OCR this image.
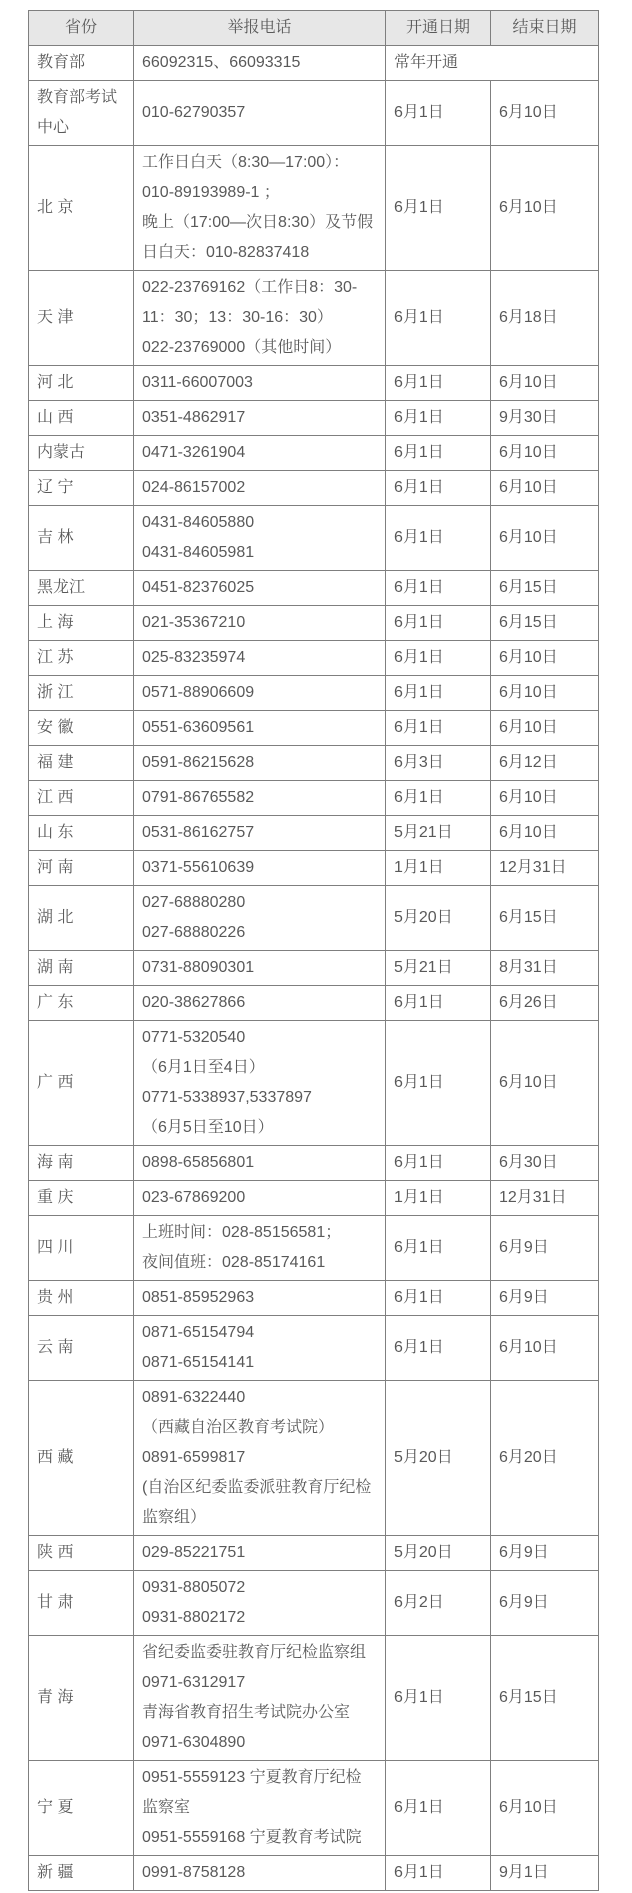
省份	举报电话	开通日期	结束日期
教育部	66092315、66093315	常年开通	
教育部考试中心	010-62790357	6月1日	6月10日
北 京	工作日白天（8:30—17:00）：
010-89193989-1 ；
晚上（17:00—次日8:30）及节假
日白天：010-82837418	6月1日	6月10日
天 津	022-23769162（工作日8：30-
11：30；13：30-16：30）
022-23769000（其他时间）	6月1日	6月18日
河 北	0311-66007003	6月1日	6月10日
山 西	0351-4862917	6月1日	9月30日
内蒙古	0471-3261904	6月1日	6月10日
辽 宁	024-86157002	6月1日	6月10日
吉 林	0431-84605880
0431-84605981	6月1日	6月10日
黑龙江	0451-82376025	6月1日	6月15日
上 海	021-35367210	6月1日	6月15日
江 苏	025-83235974	6月1日	6月10日
浙 江	0571-88906609	6月1日	6月10日
安 徽	0551-63609561	6月1日	6月10日
福 建	0591-86215628	6月3日	6月12日
江 西	0791-86765582	6月1日	6月10日
山 东	0531-86162757	5月21日	6月10日
河 南	0371-55610639	1月1日	12月31日
湖 北	027-68880280
027-68880226	5月20日	6月15日
湖 南	0731-88090301	5月21日	8月31日
广 东	020-38627866	6月1日	6月26日
广 西	0771-5320540
（6月1日至4日）
0771-5338937,5337897
（6月5日至10日）	6月1日	6月10日
海 南	0898-65856801	6月1日	6月30日
重 庆	023-67869200	1月1日	12月31日
四 川	上班时间：028-85156581；
夜间值班：028-85174161	6月1日	6月9日
贵 州	0851-85952963	6月1日	6月9日
云 南	0871-65154794
0871-65154141	6月1日	6月10日
西 藏	0891-6322440
（西藏自治区教育考试院）
0891-6599817
(自治区纪委监委派驻教育厅纪检
监察组）	5月20日	6月20日
陕 西	029-85221751	5月20日	6月9日
甘 肃	0931-8805072
0931-8802172	6月2日	6月9日
青 海	省纪委监委驻教育厅纪检监察组
0971-6312917
青海省教育招生考试院办公室
0971-6304890	6月1日	6月15日
宁 夏	0951-5559123 宁夏教育厅纪检
监察室
0951-5559168 宁夏教育考试院	6月1日	6月10日
新 疆	0991-8758128	6月1日	9月1日
